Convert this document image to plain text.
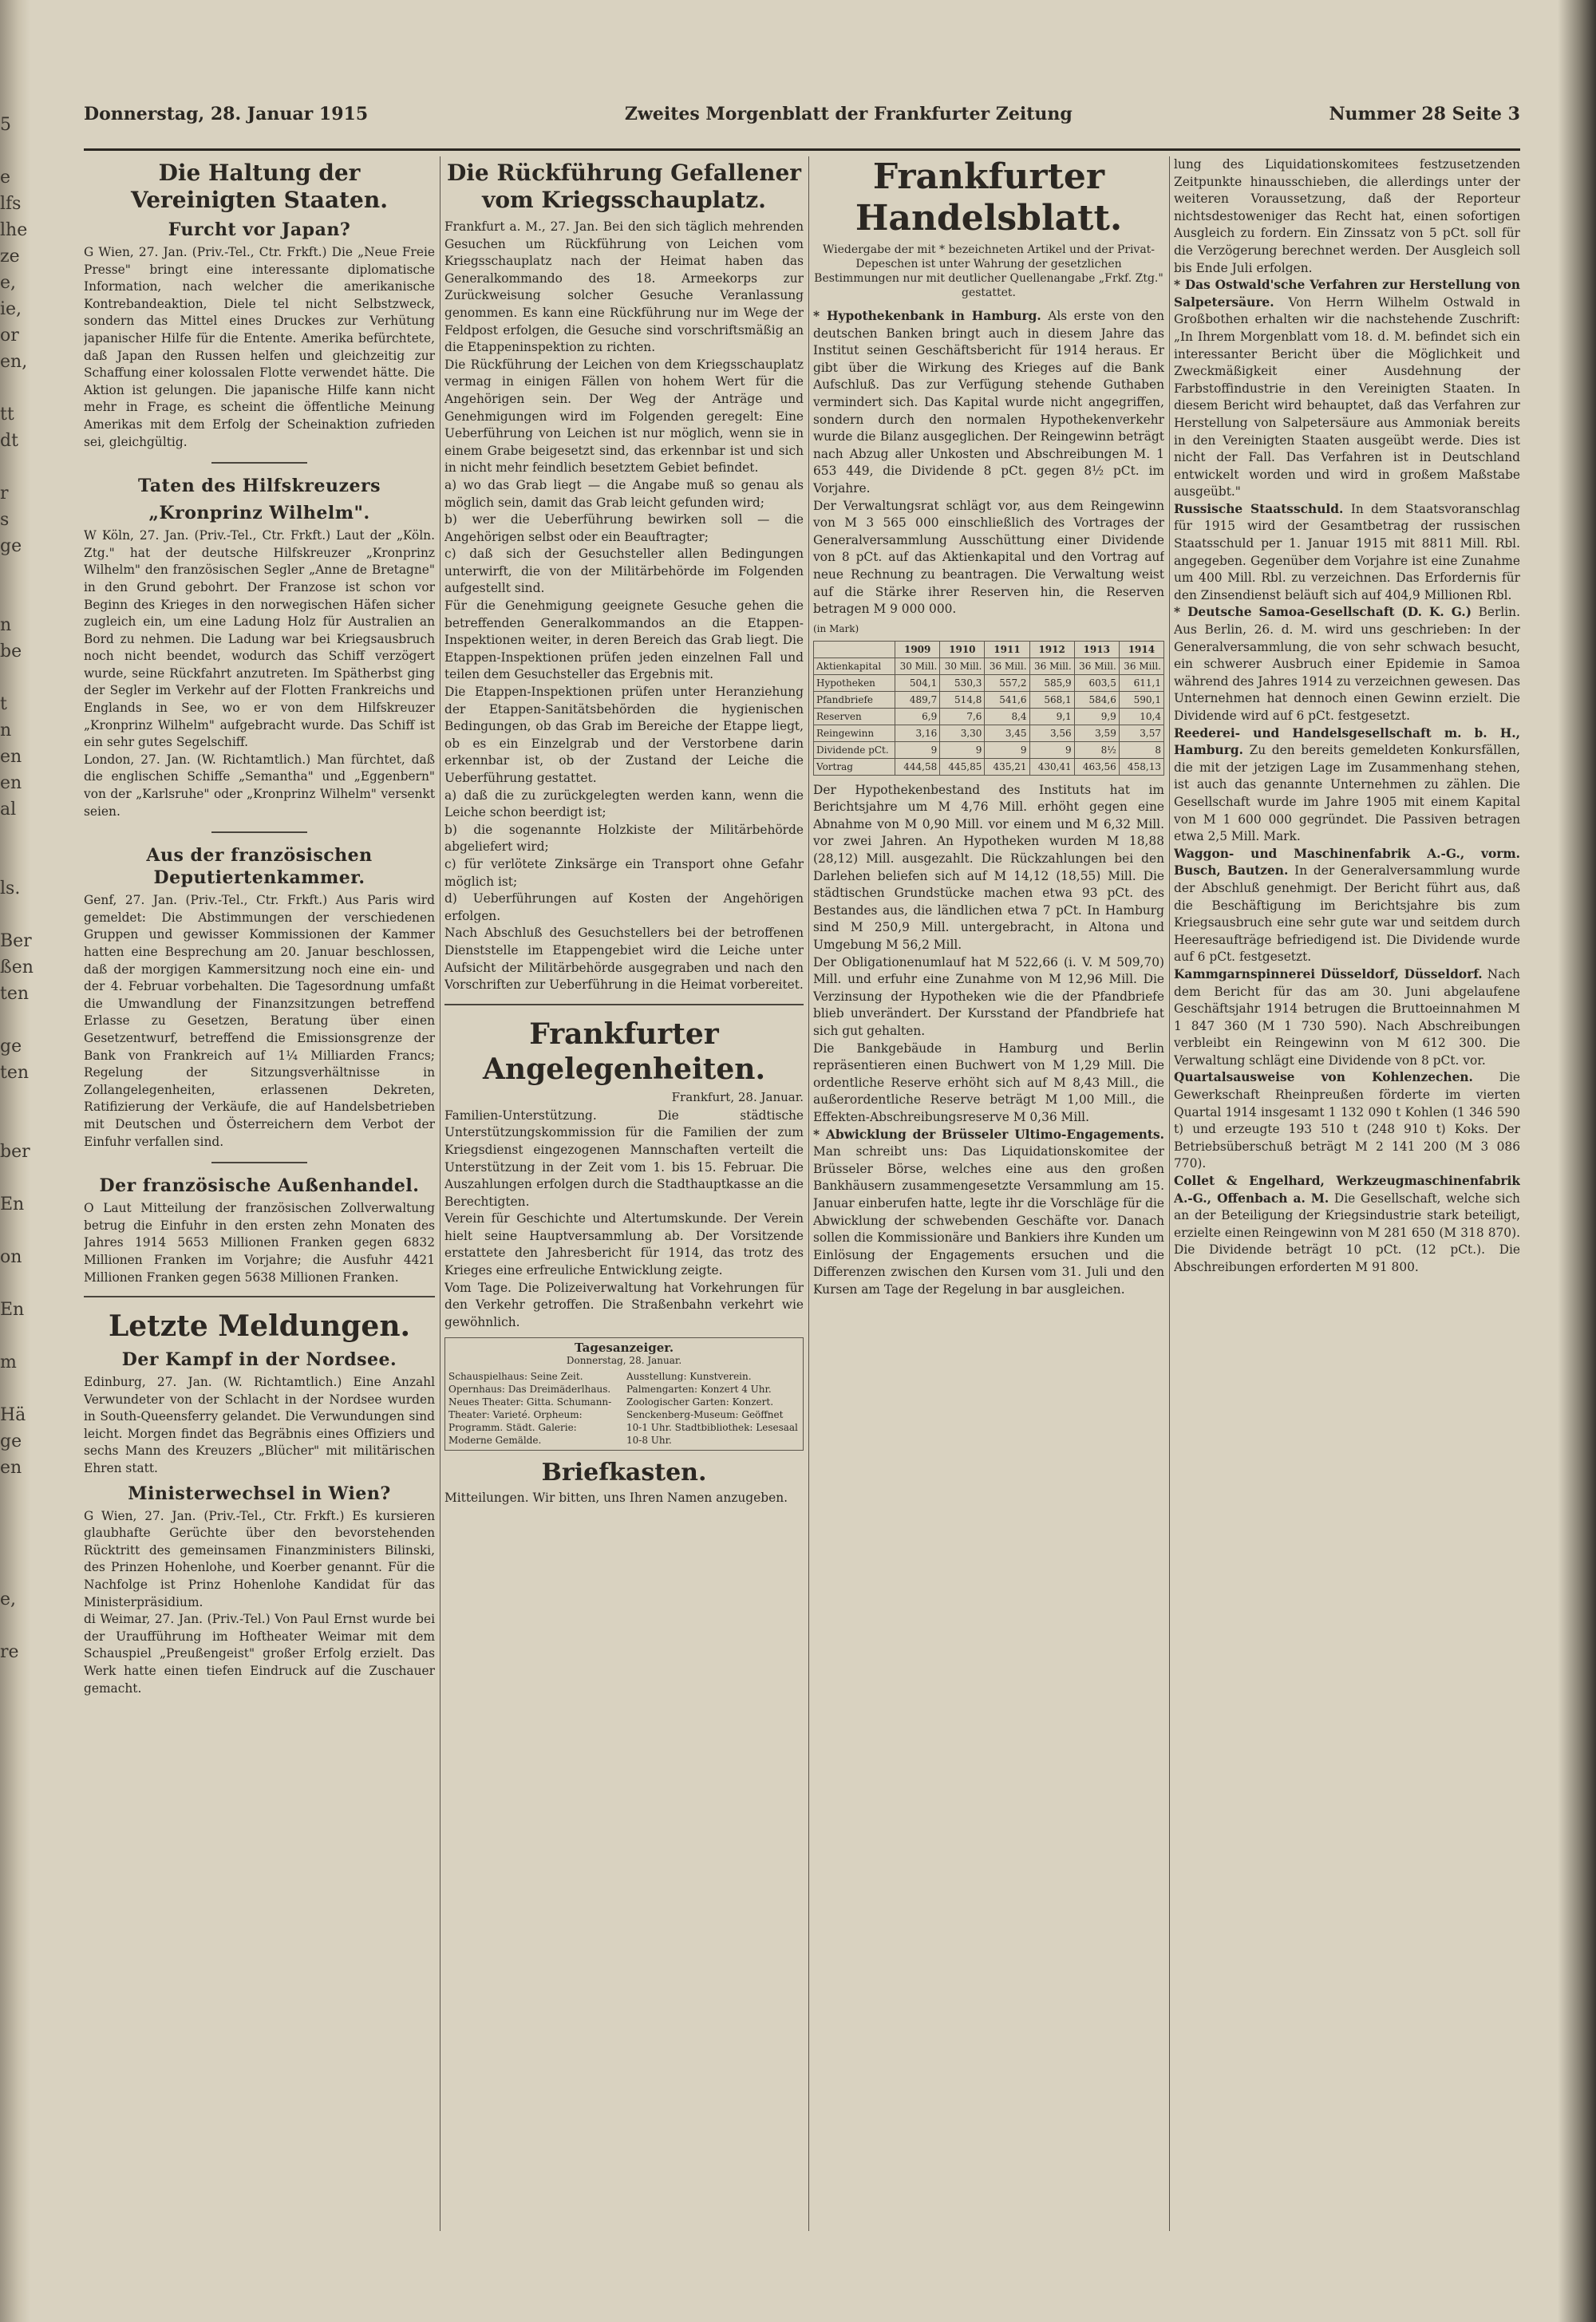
5

e
lfs
lhe
ze
e,
ie,
or
en,

tt
dt

r
s
ge

n
be

t
n
en
en
al

ls.

Ber
ßen
ten

ge
ten

ber

En

on

En

m

Hä
ge
en

e,

re
Donnerstag, 28. Januar 1915	Zweites Morgenblatt der Frankfurter Zeitung	Nummer 28 Seite 3
Die Haltung der Vereinigten Staaten.
Furcht vor Japan?

G Wien, 27. Jan. (Priv.-Tel., Ctr. Frkft.) Die „Neue Freie Presse" bringt eine interessante diplomatische Information, nach welcher die amerikanische Kontrebandeaktion, Diele tel nicht Selbstzweck, sondern das Mittel eines Druckes zur Verhütung japanischer Hilfe für die Entente. Amerika befürchtete, daß Japan den Russen helfen und gleichzeitig zur Schaffung einer kolossalen Flotte verwendet hätte. Die Aktion ist gelungen. Die japanische Hilfe kann nicht mehr in Frage, es scheint die öffentliche Meinung Amerikas mit dem Erfolg der Scheinaktion zufrieden sei, gleichgültig.

Taten des Hilfskreuzers
„Kronprinz Wilhelm".

W Köln, 27. Jan. (Priv.-Tel., Ctr. Frkft.) Laut der „Köln. Ztg." hat der deutsche Hilfskreuzer „Kronprinz Wilhelm" den französischen Segler „Anne de Bretagne" in den Grund gebohrt. Der Franzose ist schon vor Beginn des Krieges in den norwegischen Häfen sicher zugleich ein, um eine Ladung Holz für Australien an Bord zu nehmen. Die Ladung war bei Kriegsausbruch noch nicht beendet, wodurch das Schiff verzögert wurde, seine Rückfahrt anzutreten. Im Spätherbst ging der Segler im Verkehr auf der Flotten Frankreichs und Englands in See, wo er von dem Hilfskreuzer „Kronprinz Wilhelm" aufgebracht wurde. Das Schiff ist ein sehr gutes Segelschiff.

London, 27. Jan. (W. Richtamtlich.) Man fürchtet, daß die englischen Schiffe „Semantha" und „Eggenbern" von der „Karlsruhe" oder „Kronprinz Wilhelm" versenkt seien.

Aus der französischen Deputiertenkammer.

Genf, 27. Jan. (Priv.-Tel., Ctr. Frkft.) Aus Paris wird gemeldet: Die Abstimmungen der verschiedenen Gruppen und gewisser Kommissionen der Kammer hatten eine Besprechung am 20. Januar beschlossen, daß der morgigen Kammersitzung noch eine ein- und der 4. Februar vorbehalten. Die Tagesordnung umfaßt die Umwandlung der Finanzsitzungen betreffend Erlasse zu Gesetzen, Beratung über einen Gesetzentwurf, betreffend die Emissionsgrenze der Bank von Frankreich auf 1¼ Milliarden Francs; Regelung der Sitzungsverhältnisse in Zollangelegenheiten, erlassenen Dekreten, Ratifizierung der Verkäufe, die auf Handelsbetrieben mit Deutschen und Österreichern dem Verbot der Einfuhr verfallen sind.

Der französische Außenhandel.

O Laut Mitteilung der französischen Zollverwaltung betrug die Einfuhr in den ersten zehn Monaten des Jahres 1914 5653 Millionen Franken gegen 6832 Millionen Franken im Vorjahre; die Ausfuhr 4421 Millionen Franken gegen 5638 Millionen Franken.

Letzte Meldungen.
Der Kampf in der Nordsee.

Edinburg, 27. Jan. (W. Richtamtlich.) Eine Anzahl Verwundeter von der Schlacht in der Nordsee wurden in South-Queensferry gelandet. Die Verwundungen sind leicht. Morgen findet das Begräbnis eines Offiziers und sechs Mann des Kreuzers „Blücher" mit militärischen Ehren statt.

Ministerwechsel in Wien?

G Wien, 27. Jan. (Priv.-Tel., Ctr. Frkft.) Es kursieren glaubhafte Gerüchte über den bevorstehenden Rücktritt des gemeinsamen Finanzministers Bilinski, des Prinzen Hohenlohe, und Koerber genannt. Für die Nachfolge ist Prinz Hohenlohe Kandidat für das Ministerpräsidium.

di Weimar, 27. Jan. (Priv.-Tel.) Von Paul Ernst wurde bei der Uraufführung im Hoftheater Weimar mit dem Schauspiel „Preußengeist" großer Erfolg erzielt. Das Werk hatte einen tiefen Eindruck auf die Zuschauer gemacht.

Die Rückführung Gefallener vom Kriegsschauplatz.

Frankfurt a. M., 27. Jan. Bei den sich täglich mehrenden Gesuchen um Rückführung von Leichen vom Kriegsschauplatz nach der Heimat haben das Generalkommando des 18. Armeekorps zur Zurückweisung solcher Gesuche Veranlassung genommen. Es kann eine Rückführung nur im Wege der Feldpost erfolgen, die Gesuche sind vorschriftsmäßig an die Etappeninspektion zu richten.

Die Rückführung der Leichen von dem Kriegsschauplatz vermag in einigen Fällen von hohem Wert für die Angehörigen sein. Der Weg der Anträge und Genehmigungen wird im Folgenden geregelt: Eine Ueberführung von Leichen ist nur möglich, wenn sie in einem Grabe beigesetzt sind, das erkennbar ist und sich in nicht mehr feindlich besetztem Gebiet befindet.

a) wo das Grab liegt — die Angabe muß so genau als möglich sein, damit das Grab leicht gefunden wird;

b) wer die Ueberführung bewirken soll — die Angehörigen selbst oder ein Beauftragter;

c) daß sich der Gesuchsteller allen Bedingungen unterwirft, die von der Militärbehörde im Folgenden aufgestellt sind.

Für die Genehmigung geeignete Gesuche gehen die betreffenden Generalkommandos an die Etappen-Inspektionen weiter, in deren Bereich das Grab liegt. Die Etappen-Inspektionen prüfen jeden einzelnen Fall und teilen dem Gesuchsteller das Ergebnis mit.

Die Etappen-Inspektionen prüfen unter Heranziehung der Etappen-Sanitätsbehörden die hygienischen Bedingungen, ob das Grab im Bereiche der Etappe liegt, ob es ein Einzelgrab und der Verstorbene darin erkennbar ist, ob der Zustand der Leiche die Ueberführung gestattet.

a) daß die zu zurückgelegten werden kann, wenn die Leiche schon beerdigt ist;

b) die sogenannte Holzkiste der Militärbehörde abgeliefert wird;

c) für verlötete Zinksärge ein Transport ohne Gefahr möglich ist;

d) Ueberführungen auf Kosten der Angehörigen erfolgen.

Nach Abschluß des Gesuchstellers bei der betroffenen Dienststelle im Etappengebiet wird die Leiche unter Aufsicht der Militärbehörde ausgegraben und nach den Vorschriften zur Ueberführung in die Heimat vorbereitet.

Frankfurter Angelegenheiten.
Frankfurt, 28. Januar.

Familien-Unterstützung. Die städtische Unterstützungskommission für die Familien der zum Kriegsdienst eingezogenen Mannschaften verteilt die Unterstützung in der Zeit vom 1. bis 15. Februar. Die Auszahlungen erfolgen durch die Stadthauptkasse an die Berechtigten.

Verein für Geschichte und Altertumskunde. Der Verein hielt seine Hauptversammlung ab. Der Vorsitzende erstattete den Jahresbericht für 1914, das trotz des Krieges eine erfreuliche Entwicklung zeigte.

Vom Tage. Die Polizeiverwaltung hat Vorkehrungen für den Verkehr getroffen. Die Straßenbahn verkehrt wie gewöhnlich.

Tagesanzeiger.
Donnerstag, 28. Januar.
Schauspielhaus: Seine Zeit. Opernhaus: Das Dreimäderlhaus. Neues Theater: Gitta. Schumann-Theater: Varieté. Orpheum: Programm. Städt. Galerie: Moderne Gemälde.
Ausstellung: Kunstverein. Palmengarten: Konzert 4 Uhr. Zoologischer Garten: Konzert. Senckenberg-Museum: Geöffnet 10-1 Uhr. Stadtbibliothek: Lesesaal 10-8 Uhr.
Briefkasten.

Mitteilungen. Wir bitten, uns Ihren Namen anzugeben.

Frankfurter Handelsblatt.
Wiedergabe der mit * bezeichneten Artikel und der Privat-Depeschen ist unter Wahrung der gesetzlichen Bestimmungen nur mit deutlicher Quellenangabe „Frkf. Ztg." gestattet.

* Hypothekenbank in Hamburg. Als erste von den deutschen Banken bringt auch in diesem Jahre das Institut seinen Geschäftsbericht für 1914 heraus. Er gibt über die Wirkung des Krieges auf die Bank Aufschluß. Das zur Verfügung stehende Guthaben vermindert sich. Das Kapital wurde nicht angegriffen, sondern durch den normalen Hypothekenverkehr wurde die Bilanz ausgeglichen. Der Reingewinn beträgt nach Abzug aller Unkosten und Abschreibungen M. 1 653 449, die Dividende 8 pCt. gegen 8½ pCt. im Vorjahre.

Der Verwaltungsrat schlägt vor, aus dem Reingewinn von M 3 565 000 einschließlich des Vortrages der Generalversammlung Ausschüttung einer Dividende von 8 pCt. auf das Aktienkapital und den Vortrag auf neue Rechnung zu beantragen. Die Verwaltung weist auf die Stärke ihrer Reserven hin, die Reserven betragen M 9 000 000.

(in Mark)
	1909	1910	1911	1912	1913	1914
Aktienkapital	30 Mill.	30 Mill.	36 Mill.	36 Mill.	36 Mill.	36 Mill.
Hypotheken	504,1	530,3	557,2	585,9	603,5	611,1
Pfandbriefe	489,7	514,8	541,6	568,1	584,6	590,1
Reserven	6,9	7,6	8,4	9,1	9,9	10,4
Reingewinn	3,16	3,30	3,45	3,56	3,59	3,57
Dividende pCt.	9	9	9	9	8½	8
Vortrag	444,58	445,85	435,21	430,41	463,56	458,13

Der Hypothekenbestand des Instituts hat im Berichtsjahre um M 4,76 Mill. erhöht gegen eine Abnahme von M 0,90 Mill. vor einem und M 6,32 Mill. vor zwei Jahren. An Hypotheken wurden M 18,88 (28,12) Mill. ausgezahlt. Die Rückzahlungen bei den Darlehen beliefen sich auf M 14,12 (18,55) Mill. Die städtischen Grundstücke machen etwa 93 pCt. des Bestandes aus, die ländlichen etwa 7 pCt. In Hamburg sind M 250,9 Mill. untergebracht, in Altona und Umgebung M 56,2 Mill.

Der Obligationenumlauf hat M 522,66 (i. V. M 509,70) Mill. und erfuhr eine Zunahme von M 12,96 Mill. Die Verzinsung der Hypotheken wie die der Pfandbriefe blieb unverändert. Der Kursstand der Pfandbriefe hat sich gut gehalten.

Die Bankgebäude in Hamburg und Berlin repräsentieren einen Buchwert von M 1,29 Mill. Die ordentliche Reserve erhöht sich auf M 8,43 Mill., die außerordentliche Reserve beträgt M 1,00 Mill., die Effekten-Abschreibungsreserve M 0,36 Mill.

* Abwicklung der Brüsseler Ultimo-Engagements. Man schreibt uns: Das Liquidationskomitee der Brüsseler Börse, welches eine aus den großen Bankhäusern zusammengesetzte Versammlung am 15. Januar einberufen hatte, legte ihr die Vorschläge für die Abwicklung der schwebenden Geschäfte vor. Danach sollen die Kommissionäre und Bankiers ihre Kunden um Einlösung der Engagements ersuchen und die Differenzen zwischen den Kursen vom 31. Juli und den Kursen am Tage der Regelung in bar ausgleichen.

lung des Liquidationskomitees festzusetzenden Zeitpunkte hinausschieben, die allerdings unter der weiteren Voraussetzung, daß der Reporteur nichtsdestoweniger das Recht hat, einen sofortigen Ausgleich zu fordern. Ein Zinssatz von 5 pCt. soll für die Verzögerung berechnet werden. Der Ausgleich soll bis Ende Juli erfolgen.

* Das Ostwald'sche Verfahren zur Herstellung von Salpetersäure. Von Herrn Wilhelm Ostwald in Großbothen erhalten wir die nachstehende Zuschrift: „In Ihrem Morgenblatt vom 18. d. M. befindet sich ein interessanter Bericht über die Möglichkeit und Zweckmäßigkeit einer Ausdehnung der Farbstoffindustrie in den Vereinigten Staaten. In diesem Bericht wird behauptet, daß das Verfahren zur Herstellung von Salpetersäure aus Ammoniak bereits in den Vereinigten Staaten ausgeübt werde. Dies ist nicht der Fall. Das Verfahren ist in Deutschland entwickelt worden und wird in großem Maßstabe ausgeübt."

Russische Staatsschuld. In dem Staatsvoranschlag für 1915 wird der Gesamtbetrag der russischen Staatsschuld per 1. Januar 1915 mit 8811 Mill. Rbl. angegeben. Gegenüber dem Vorjahre ist eine Zunahme um 400 Mill. Rbl. zu verzeichnen. Das Erfordernis für den Zinsendienst beläuft sich auf 404,9 Millionen Rbl.

* Deutsche Samoa-Gesellschaft (D. K. G.) Berlin. Aus Berlin, 26. d. M. wird uns geschrieben: In der Generalversammlung, die von sehr schwach besucht, ein schwerer Ausbruch einer Epidemie in Samoa während des Jahres 1914 zu verzeichnen gewesen. Das Unternehmen hat dennoch einen Gewinn erzielt. Die Dividende wird auf 6 pCt. festgesetzt.

Reederei- und Handelsgesellschaft m. b. H., Hamburg. Zu den bereits gemeldeten Konkursfällen, die mit der jetzigen Lage im Zusammenhang stehen, ist auch das genannte Unternehmen zu zählen. Die Gesellschaft wurde im Jahre 1905 mit einem Kapital von M 1 600 000 gegründet. Die Passiven betragen etwa 2,5 Mill. Mark.

Waggon- und Maschinenfabrik A.-G., vorm. Busch, Bautzen. In der Generalversammlung wurde der Abschluß genehmigt. Der Bericht führt aus, daß die Beschäftigung im Berichtsjahre bis zum Kriegsausbruch eine sehr gute war und seitdem durch Heeresaufträge befriedigend ist. Die Dividende wurde auf 6 pCt. festgesetzt.

Kammgarnspinnerei Düsseldorf, Düsseldorf. Nach dem Bericht für das am 30. Juni abgelaufene Geschäftsjahr 1914 betrugen die Bruttoeinnahmen M 1 847 360 (M 1 730 590). Nach Abschreibungen verbleibt ein Reingewinn von M 612 300. Die Verwaltung schlägt eine Dividende von 8 pCt. vor.

Quartalsausweise von Kohlenzechen. Die Gewerkschaft Rheinpreußen förderte im vierten Quartal 1914 insgesamt 1 132 090 t Kohlen (1 346 590 t) und erzeugte 193 510 t (248 910 t) Koks. Der Betriebsüberschuß beträgt M 2 141 200 (M 3 086 770).

Collet & Engelhard, Werkzeugmaschinenfabrik A.-G., Offenbach a. M. Die Gesellschaft, welche sich an der Beteiligung der Kriegsindustrie stark beteiligt, erzielte einen Reingewinn von M 281 650 (M 318 870). Die Dividende beträgt 10 pCt. (12 pCt.). Die Abschreibungen erforderten M 91 800.
